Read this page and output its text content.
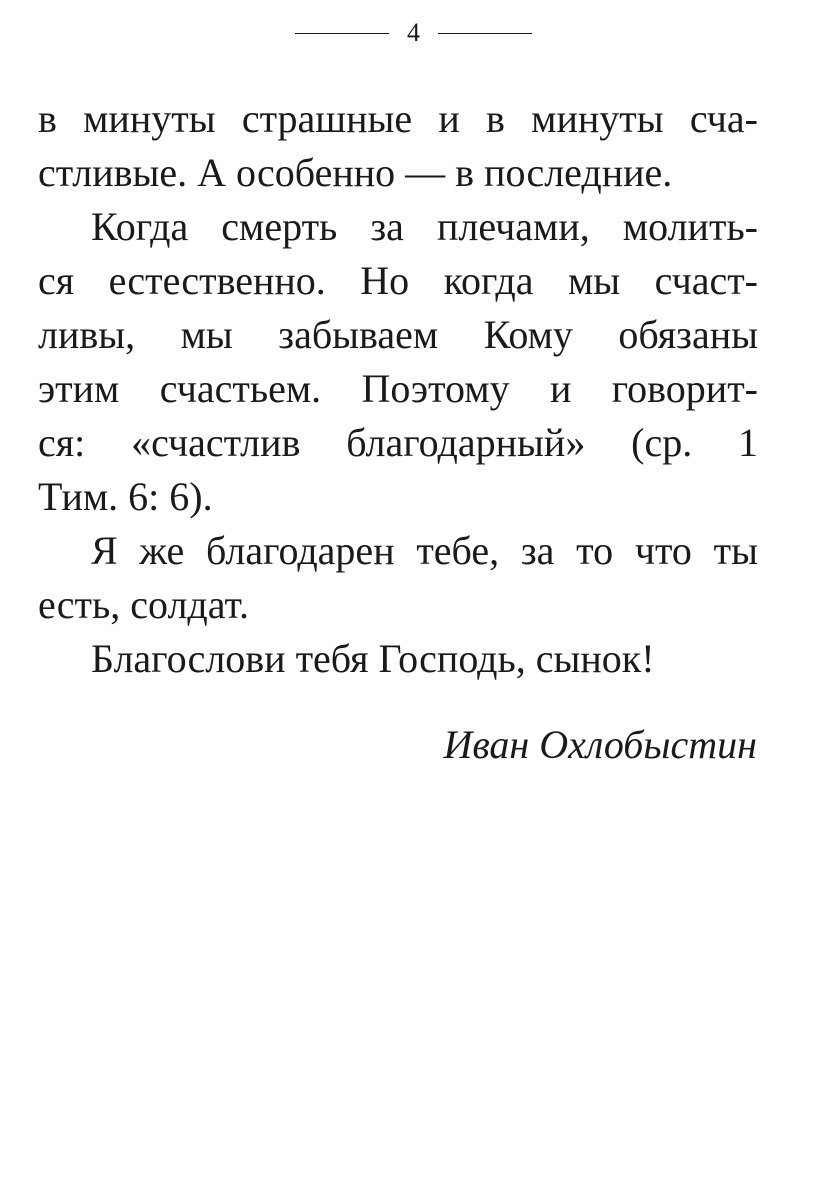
4
в минуты страшные и в минуты сча-
стливые. А особенно — в последние.
Когда смерть за плечами, молить-
ся естественно. Но когда мы счаст-
ливы, мы забываем Кому обязаны
этим счастьем. Поэтому и говорит-
ся: «счастлив благодарный» (ср. 1
Тим. 6: 6).
Я же благодарен тебе, за то что ты
есть, солдат.
Благослови тебя Господь, сынок!
Иван Охлобыстин
